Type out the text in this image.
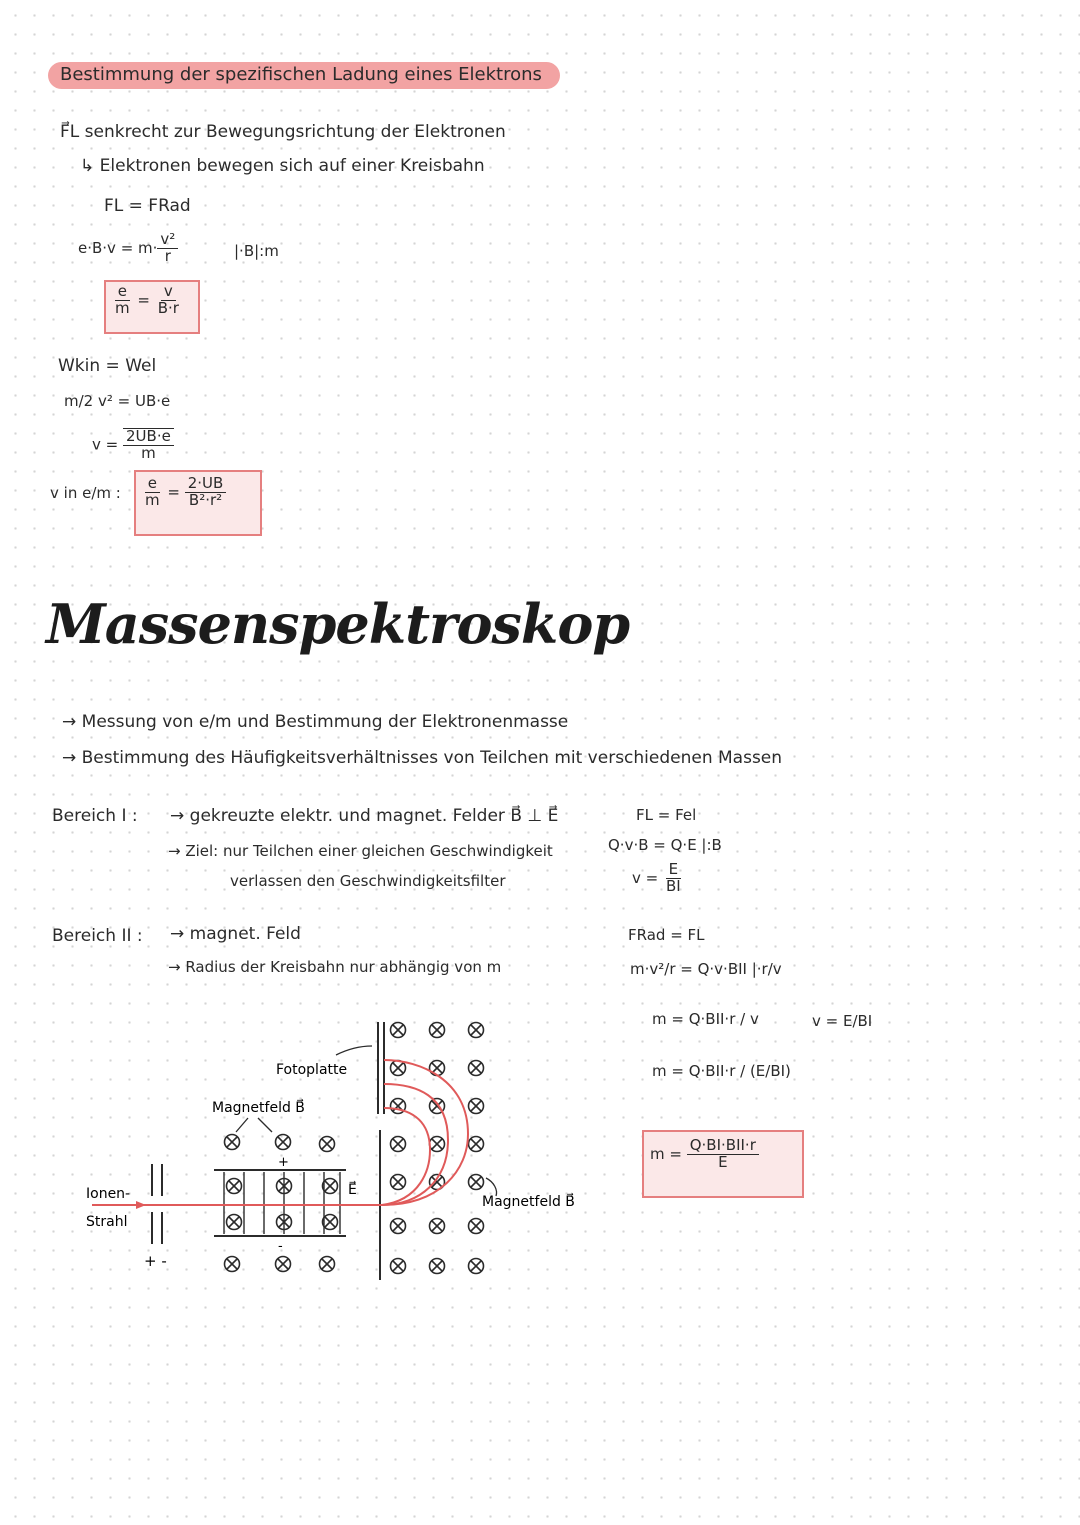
Bestimmung der spezifischen Ladung eines Elektrons
F⃗L senkrecht zur Bewegungsrichtung der Elektronen
↳ Elektronen bewegen sich auf einer Kreisbahn
FL = FRad
$e\cdot B\cdot v = m\cdot \frac{\text{v²}}{r}$	|·B|:m
$\frac{e}{m} = \frac{v}{B\cdot r}$
Wkin = Wel
m/2 v² = UB·e
$v = \frac{2UB\cdot e}{m}$
v in e/m : $\frac{e}{m} = \frac{2\cdot UB}{\text{B²·r²}}$
Massenspektroskop
→ Messung von e/m und Bestimmung der Elektronenmasse
→ Bestimmung des Häufigkeitsverhältnisses von Teilchen mit verschiedenen Massen
Bereich I : → gekreuzte elektr. und magnet. Felder B⃗ ⊥ E⃗
→ Ziel: nur Teilchen einer gleichen Geschwindigkeit
verlassen den Geschwindigkeitsfilter
Bereich II : → magnet. Feld
→ Radius der Kreisbahn nur abhängig von m
FL = Fel
Q·v·B = Q·E |:B
$v = \frac{E}{BI}$
FRad = FL
m·v²/r = Q·v·BII |·r/v
m = Q·BII·r / v
m = Q·BII·r / (E/BI)
$m = \frac{\text{Q·BI·BII·r}}{E}$
v = E/BI
Fotoplatte
Magnetfeld B⃗
Magnetfeld B⃗
Ionen-
Strahl
+ -
E⃗
+
-
